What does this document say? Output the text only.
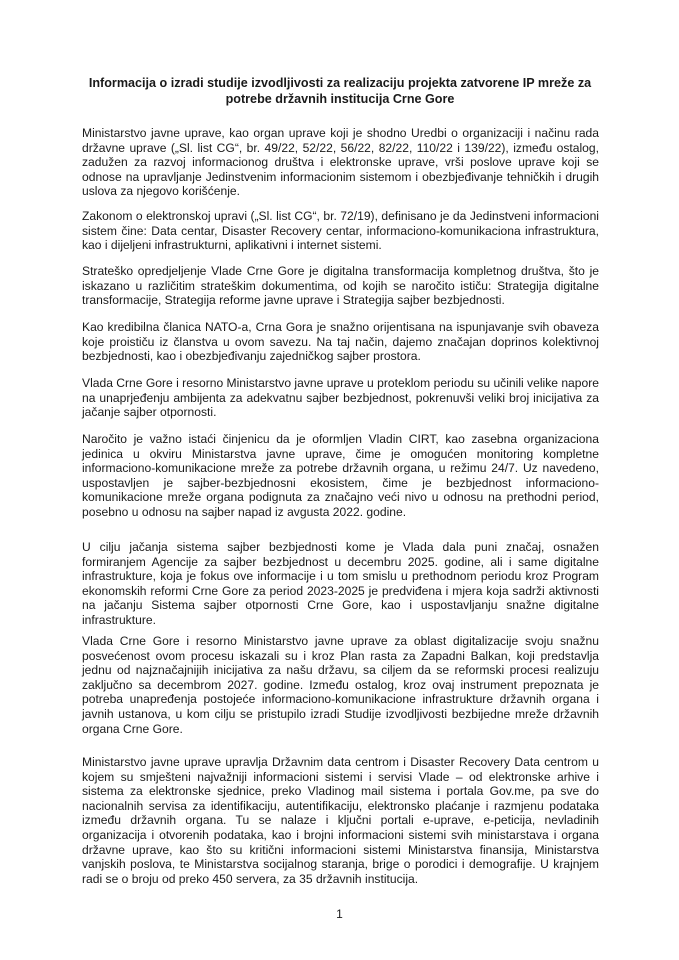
Informacija o izradi studije izvodljivosti za realizaciju projekta zatvorene IP mreže za potrebe državnih institucija Crne Gore

Ministarstvo javne uprave, kao organ uprave koji je shodno Uredbi o organizaciji i načinu rada državne uprave („Sl. list CG“, br. 49/22, 52/22, 56/22, 82/22, 110/22 i 139/22), između ostalog, zadužen za razvoj informacionog društva i elektronske uprave, vrši poslove uprave koji se odnose na upravljanje Jedinstvenim informacionim sistemom i obezbjeđivanje tehničkih i drugih uslova za njegovo korišćenje.

Zakonom o elektronskoj upravi („Sl. list CG“, br. 72/19), definisano je da Jedinstveni informacioni sistem čine: Data centar, Disaster Recovery centar, informaciono-komunikaciona infrastruktura, kao i dijeljeni infrastrukturni, aplikativni i internet sistemi.

Strateško opredjeljenje Vlade Crne Gore je digitalna transformacija kompletnog društva, što je iskazano u različitim strateškim dokumentima, od kojih se naročito ističu: Strategija digitalne transformacije, Strategija reforme javne uprave i Strategija sajber bezbjednosti.

Kao kredibilna članica NATO-a, Crna Gora je snažno orijentisana na ispunjavanje svih obaveza koje proističu iz članstva u ovom savezu. Na taj način, dajemo značajan doprinos kolektivnoj bezbjednosti, kao i obezbjeđivanju zajedničkog sajber prostora.

Vlada Crne Gore i resorno Ministarstvo javne uprave u proteklom periodu su učinili velike napore na unaprjeđenju ambijenta za adekvatnu sajber bezbjednost, pokrenuvši veliki broj inicijativa za jačanje sajber otpornosti.

Naročito je važno istaći činjenicu da je oformljen Vladin CIRT, kao zasebna organizaciona jedinica u okviru Ministarstva javne uprave, čime je omogućen monitoring kompletne informaciono-komunikacione mreže za potrebe državnih organa, u režimu 24/7. Uz navedeno, uspostavljen je sajber-bezbjednosni ekosistem, čime je bezbjednost informaciono-komunikacione mreže organa podignuta za značajno veći nivo u odnosu na prethodni period, posebno u odnosu na sajber napad iz avgusta 2022. godine.

U cilju jačanja sistema sajber bezbjednosti kome je Vlada dala puni značaj, osnažen formiranjem Agencije za sajber bezbjednost u decembru 2025. godine, ali i same digitalne infrastrukture, koja je fokus ove informacije i u tom smislu u prethodnom periodu kroz Program ekonomskih reformi Crne Gore za period 2023-2025 je predviđena i mjera koja sadrži aktivnosti na jačanju Sistema sajber otpornosti Crne Gore, kao i uspostavljanju snažne digitalne infrastrukture.

Vlada Crne Gore i resorno Ministarstvo javne uprave za oblast digitalizacije svoju snažnu posvećenost ovom procesu iskazali su i kroz Plan rasta za Zapadni Balkan, koji predstavlja jednu od najznačajnijih inicijativa za našu državu, sa ciljem da se reformski procesi realizuju zaključno sa decembrom 2027. godine. Između ostalog, kroz ovaj instrument prepoznata je potreba unapređenja postojeće informaciono-komunikacione infrastrukture državnih organa i javnih ustanova, u kom cilju se pristupilo izradi Studije izvodljivosti bezbijedne mreže državnih organa Crne Gore.

Ministarstvo javne uprave upravlja Državnim data centrom i Disaster Recovery Data centrom u kojem su smješteni najvažniji informacioni sistemi i servisi Vlade – od elektronske arhive i sistema za elektronske sjednice, preko Vladinog mail sistema i portala Gov.me, pa sve do nacionalnih servisa za identifikaciju, autentifikaciju, elektronsko plaćanje i razmjenu podataka između državnih organa. Tu se nalaze i ključni portali e-uprave, e-peticija, nevladinih organizacija i otvorenih podataka, kao i brojni informacioni sistemi svih ministarstava i organa državne uprave, kao što su kritični informacioni sistemi Ministarstva finansija, Ministarstva vanjskih poslova, te Ministarstva socijalnog staranja, brige o porodici i demografije. U krajnjem radi se o broju od preko 450 servera, za 35 državnih institucija.

1
